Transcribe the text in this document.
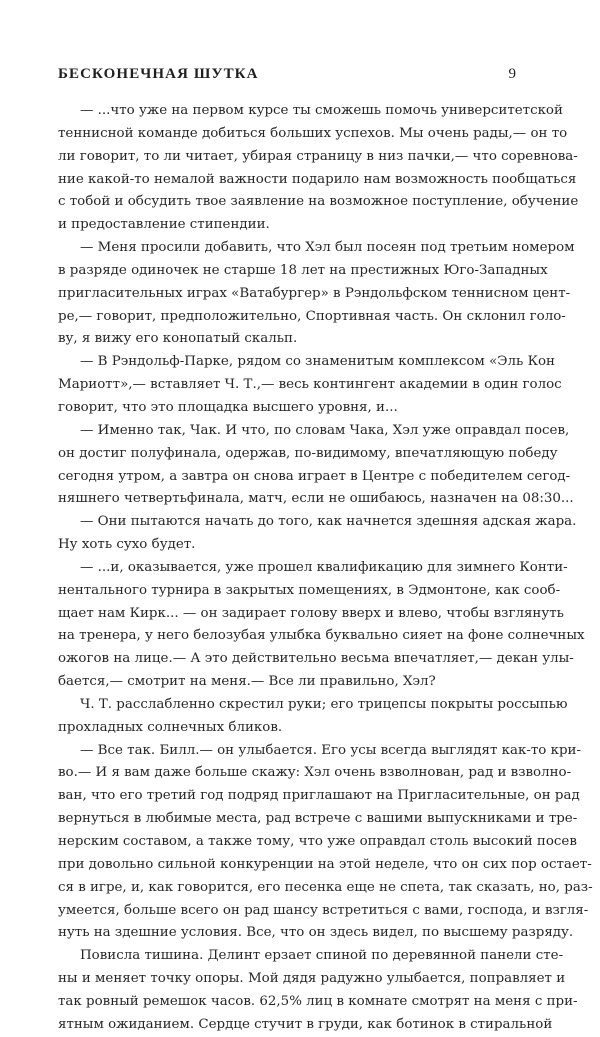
БЕСКОНЕЧНАЯ ШУТКА	9
— ...что уже на первом курсе ты сможешь помочь университетской
теннисной команде добиться больших успехов. Мы очень рады,— он то
ли говорит, то ли читает, убирая страницу в низ пачки,— что соревнова-
ние какой-то немалой важности подарило нам возможность пообщаться
с тобой и обсудить твое заявление на возможное поступление, обучение
и предоставление стипендии.
— Меня просили добавить, что Хэл был посеян под третьим номером
в разряде одиночек не старше 18 лет на престижных Юго-Западных
пригласительных играх «Ватабургер» в Рэндольфском теннисном цент-
ре,— говорит, предположительно, Спортивная часть. Он склонил голо-
ву, я вижу его конопатый скальп.
— В Рэндольф-Парке, рядом со знаменитым комплексом «Эль Кон
Мариотт»,— вставляет Ч. Т.,— весь контингент академии в один голос
говорит, что это площадка высшего уровня, и...
— Именно так, Чак. И что, по словам Чака, Хэл уже оправдал посев,
он достиг полуфинала, одержав, по-видимому, впечатляющую победу
сегодня утром, а завтра он снова играет в Центре с победителем сегод-
няшнего четвертьфинала, матч, если не ошибаюсь, назначен на 08:30...
— Они пытаются начать до того, как начнется здешняя адская жара.
Ну хоть сухо будет.
— ...и, оказывается, уже прошел квалификацию для зимнего Конти-
нентального турнира в закрытых помещениях, в Эдмонтоне, как сооб-
щает нам Кирк... — он задирает голову вверх и влево, чтобы взглянуть
на тренера, у него белозубая улыбка буквально сияет на фоне солнечных
ожогов на лице.— А это действительно весьма впечатляет,— декан улы-
бается,— смотрит на меня.— Все ли правильно, Хэл?
Ч. Т. расслабленно скрестил руки; его трицепсы покрыты россыпью
прохладных солнечных бликов.
— Все так. Билл.— он улыбается. Его усы всегда выглядят как-то кри-
во.— И я вам даже больше скажу: Хэл очень взволнован, рад и взволно-
ван, что его третий год подряд приглашают на Пригласительные, он рад
вернуться в любимые места, рад встрече с вашими выпускниками и тре-
нерским составом, а также тому, что уже оправдал столь высокий посев
при довольно сильной конкуренции на этой неделе, что он сих пор остает-
ся в игре, и, как говорится, его песенка еще не спета, так сказать, но, раз-
умеется, больше всего он рад шансу встретиться с вами, господа, и взгля-
нуть на здешние условия. Все, что он здесь видел, по высшему разряду.
Повисла тишина. Делинт ерзает спиной по деревянной панели сте-
ны и меняет точку опоры. Мой дядя радужно улыбается, поправляет и
так ровный ремешок часов. 62,5% лиц в комнате смотрят на меня с при-
ятным ожиданием. Сердце стучит в груди, как ботинок в стиральной
